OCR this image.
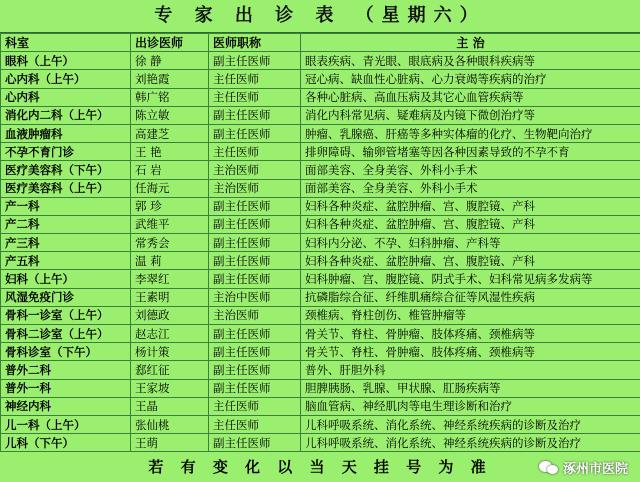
专 家 出 诊 表 （星期六）
科室	出诊医师	医师职称	主 治
眼科（上午）	徐 静	副主任医师	眼表疾病、青光眼、眼底病及各种眼科疾病等
心内科（上午）	刘艳霞	主任医师	冠心病、缺血性心脏病、心力衰竭等疾病的治疗
心内科	韩广铭	主任医师	各种心脏病、高血压病及其它心血管疾病等
消化内二科（上午）	陈立敏	副主任医师	消化内科常见病、疑难病及内镜下微创治疗等
血液肿瘤科	高建芝	副主任医师	肿瘤、乳腺癌、肝癌等多种实体瘤的化疗、生物靶向治疗
不孕不育门诊	王 艳	主任医师	排卵障碍、输卵管堵塞等因各种因素导致的不孕不育
医疗美容科（下午）	石 岩	主治医师	面部美容、全身美容、外科小手术
医疗美容科（上午）	任海元	主治医师	面部美容、全身美容、外科小手术
产一科	郭 珍	副主任医师	妇科各种炎症、盆腔肿瘤、宫、腹腔镜、产科
产二科	武维平	副主任医师	妇科各种炎症、盆腔肿瘤、宫、腹腔镜、产科
产三科	常秀会	副主任医师	妇科内分泌、不孕、妇科肿瘤、产科等
产五科	温 莉	副主任医师	妇科各种炎症、盆腔肿瘤、宫、腹腔镜、产科
妇科（上午）	李翠红	副主任医师	妇科肿瘤、宫、腹腔镜、阴式手术、妇科常见病多发病等
风湿免疫门诊	王素明	主治中医师	抗磷脂综合征、纤维肌痛综合征等风湿性疾病
骨科一诊室（上午）	刘德政	主治医师	颈椎病、脊柱创伤、椎管肿瘤等
骨科二诊室（上午）	赵志江	副主任医师	骨关节、脊柱、骨肿瘤、肢体疼痛、颈椎病等
骨科诊室（下午）	杨计策	副主任医师	骨关节、脊柱、骨肿瘤、肢体疼痛、颈椎病等
普外二科	郄红征	副主任医师	普外、肝胆外科
普外一科	王家坡	副主任医师	胆脾胰肠、乳腺、甲状腺、肛肠疾病等
神经内科	王晶	主任医师	脑血管病、神经肌肉等电生理诊断和治疗
儿一科（上午）	张仙桃	主任医师	儿科呼吸系统、消化系统、神经系统疾病的诊断及治疗
儿科（下午）	王萌	副主任医师	儿科呼吸系统、消化系统、神经系统疾病的诊断及治疗
若 有 变 化 以 当 天 挂 号 为 准	涿州市医院
